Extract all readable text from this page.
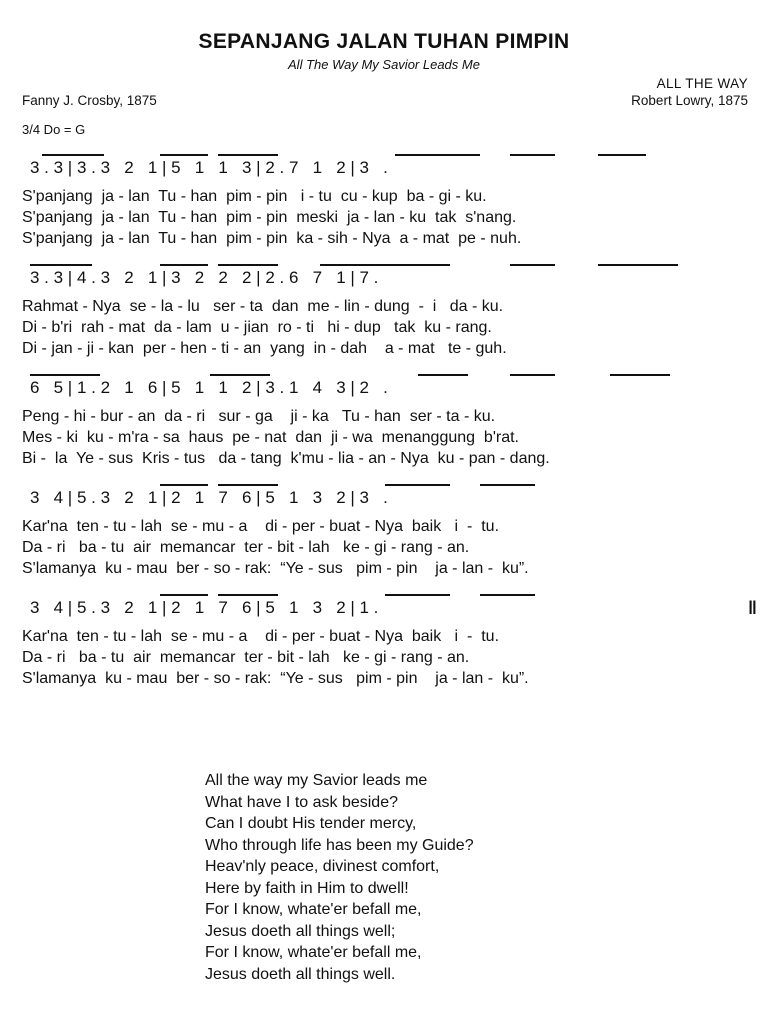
SEPANJANG JALAN TUHAN PIMPIN
All The Way My Savior Leads Me
ALL THE WAY
Fanny J. Crosby, 1875	Robert Lowry, 1875
3/4 Do = G
3 . 3 | 3 . 3   2   1 | 5   1   1   3 | 2 . 7   1   2 | 3   .
S'panjang  ja - lan  Tu - han  pim - pin   i - tu  cu - kup  ba - gi - ku.
S'panjang  ja - lan  Tu - han  pim - pin  meski  ja - lan - ku  tak  s'nang.
S'panjang  ja - lan  Tu - han  pim - pin  ka - sih - Nya  a - mat  pe - nuh.
3 . 3 | 4 . 3   2   1 | 3   2   2   2 | 2 . 6   7   1 | 7 .
Rahmat - Nya  se - la - lu   ser - ta  dan  me - lin - dung  -  i   da - ku.
Di - b'ri  rah - mat  da - lam  u - jian  ro - ti   hi - dup   tak  ku - rang.
Di - jan - ji - kan  per - hen - ti - an  yang  in - dah    a - mat   te - guh.
6   5 | 1 . 2   1   6 | 5   1   1   2 | 3 . 1   4   3 | 2   .
Peng - hi - bur - an  da - ri   sur - ga    ji - ka   Tu - han  ser - ta - ku.
Mes - ki  ku - m'ra - sa  haus  pe - nat  dan  ji - wa  menanggung  b'rat.
Bi -  la  Ye - sus  Kris - tus   da - tang  k'mu - lia - an - Nya  ku - pan - dang.
3   4 | 5 . 3   2   1 | 2   1   7   6 | 5   1   3   2 | 3   .
Kar'na  ten - tu - lah  se - mu - a    di - per - buat - Nya  baik   i  -  tu.
Da - ri   ba - tu  air  memancar  ter - bit - lah   ke - gi - rang - an.
S'lamanya  ku - mau  ber - so - rak:  “Ye - sus   pim - pin    ja - lan -  ku”.
3   4 | 5 . 3   2   1 | 2   1   7   6 | 5   1   3   2 | 1 .	‖
Kar'na  ten - tu - lah  se - mu - a    di - per - buat - Nya  baik   i  -  tu.
Da - ri   ba - tu  air  memancar  ter - bit - lah   ke - gi - rang - an.
S'lamanya  ku - mau  ber - so - rak:  “Ye - sus   pim - pin    ja - lan -  ku”.
All the way my Savior leads me
What have I to ask beside?
Can I doubt His tender mercy,
Who through life has been my Guide?
Heav'nly peace, divinest comfort,
Here by faith in Him to dwell!
For I know, whate'er befall me,
Jesus doeth all things well;
For I know, whate'er befall me,
Jesus doeth all things well.
